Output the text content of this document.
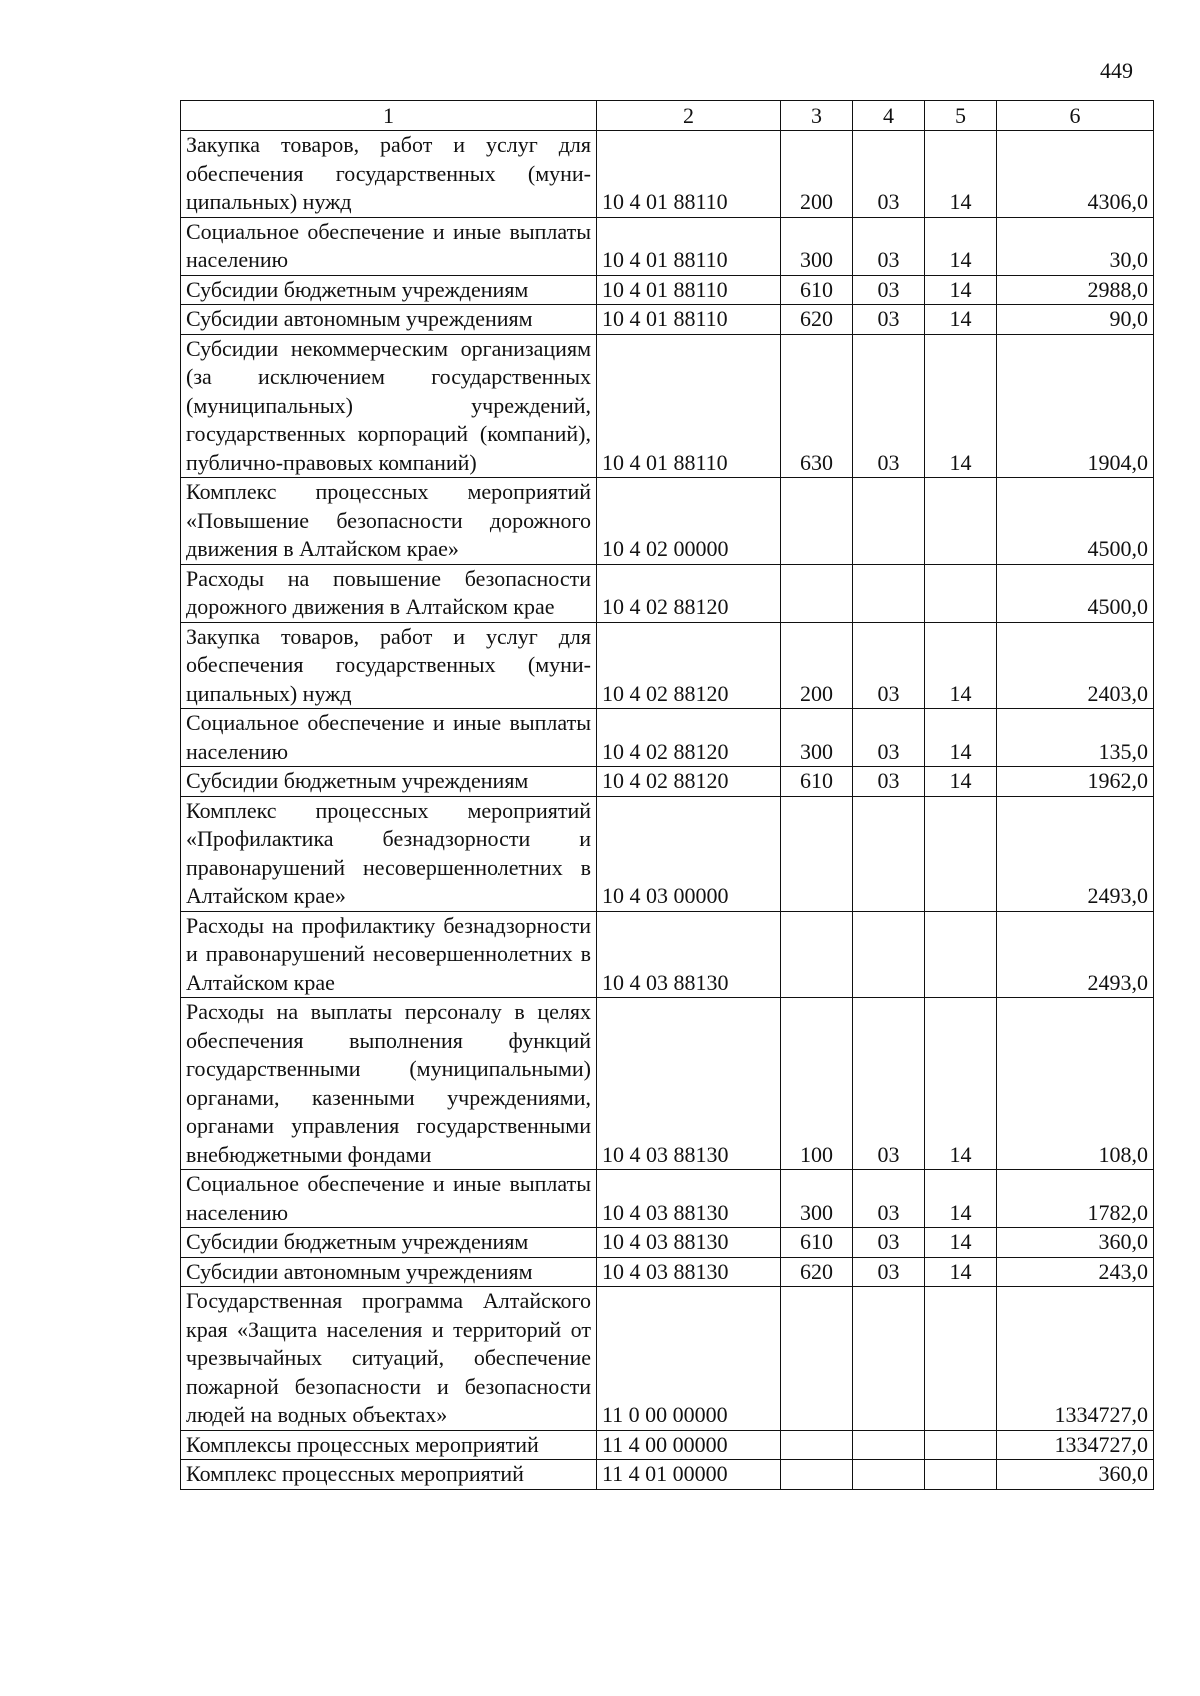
449
1	2	3	4	5	6
Закупка товаров, работ и услуг для обеспечения государственных (муниципальных) нужд	10 4 01 88110	200	03	14	4306,0
Социальное обеспечение и иные выплаты населению	10 4 01 88110	300	03	14	30,0
Субсидии бюджетным учреждениям	10 4 01 88110	610	03	14	2988,0
Субсидии автономным учреждениям	10 4 01 88110	620	03	14	90,0
Субсидии некоммерческим организациям (за исключением государственных (муниципальных) учреждений, государственных корпораций (компаний), публично-правовых компаний)	10 4 01 88110	630	03	14	1904,0
Комплекс процессных мероприятий «Повышение безопасности дорожного движения в Алтайском крае»	10 4 02 00000				4500,0
Расходы на повышение безопасности дорожного движения в Алтайском крае	10 4 02 88120				4500,0
Закупка товаров, работ и услуг для обеспечения государственных (муниципальных) нужд	10 4 02 88120	200	03	14	2403,0
Социальное обеспечение и иные выплаты населению	10 4 02 88120	300	03	14	135,0
Субсидии бюджетным учреждениям	10 4 02 88120	610	03	14	1962,0
Комплекс процессных мероприятий «Профилактика безнадзорности и правонарушений несовершеннолетних в Алтайском крае»	10 4 03 00000				2493,0
Расходы на профилактику безнадзорности и правонарушений несовершеннолетних в Алтайском крае	10 4 03 88130				2493,0
Расходы на выплаты персоналу в целях обеспечения выполнения функций государственными (муниципальными) органами, казенными учреждениями, органами управления государственными внебюджетными фондами	10 4 03 88130	100	03	14	108,0
Социальное обеспечение и иные выплаты населению	10 4 03 88130	300	03	14	1782,0
Субсидии бюджетным учреждениям	10 4 03 88130	610	03	14	360,0
Субсидии автономным учреждениям	10 4 03 88130	620	03	14	243,0
Государственная программа Алтайского края «Защита населения и территорий от чрезвычайных ситуаций, обеспечение пожарной безопасности и безопасности людей на водных объектах»	11 0 00 00000				1334727,0
Комплексы процессных мероприятий	11 4 00 00000				1334727,0
Комплекс процессных мероприятий	11 4 01 00000				360,0
